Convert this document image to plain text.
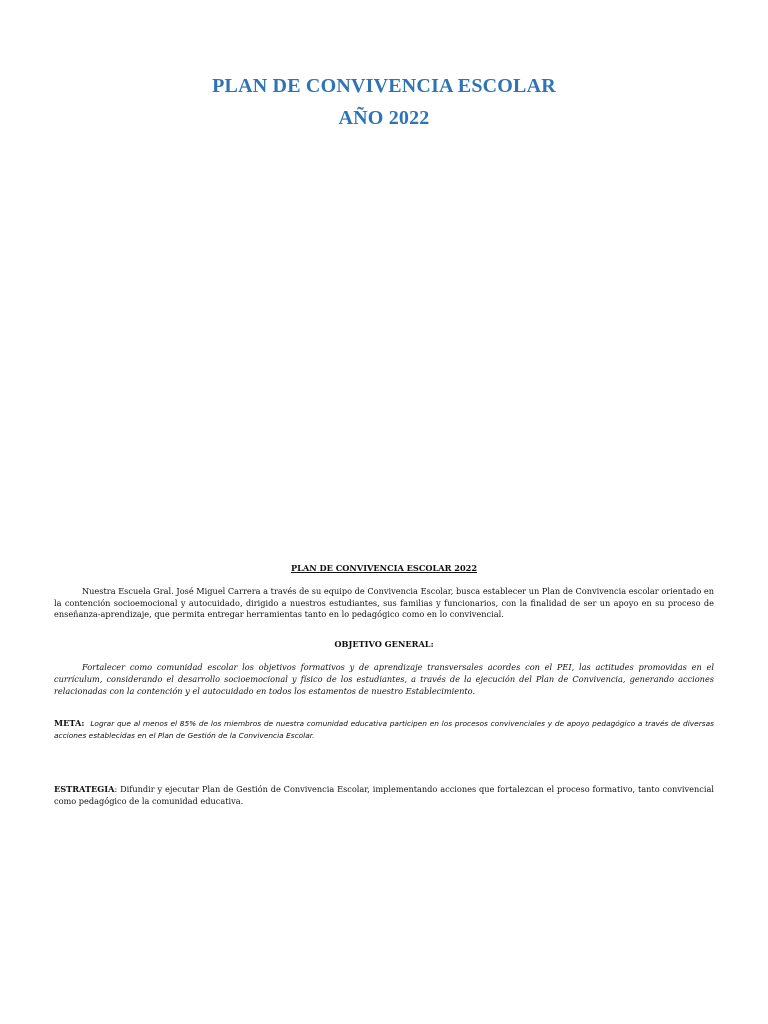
PLAN DE CONVIVENCIA ESCOLAR
AÑO 2022

PLAN DE CONVIVENCIA ESCOLAR 2022

Nuestra Escuela Gral. José Miguel Carrera a través de su equipo de Convivencia Escolar, busca establecer un Plan de Convivencia escolar orientado en la contención socioemocional y autocuidado, dirigido a nuestros estudiantes, sus familias y funcionarios, con la finalidad de ser un apoyo en su proceso de enseñanza-aprendizaje, que permita entregar herramientas tanto en lo pedagógico como en lo convivencial.

OBJETIVO GENERAL:

Fortalecer como comunidad escolar los objetivos formativos y de aprendizaje transversales acordes con el PEI, las actitudes promovidas en el currículum, considerando el desarrollo socioemocional y físico de los estudiantes, a través de la ejecución del Plan de Convivencia, generando acciones relacionadas con la contención y el autocuidado en todos los estamentos de nuestro Establecimiento.

META: Lograr que al menos el 85% de los miembros de nuestra comunidad educativa participen en los procesos convivenciales y de apoyo pedagógico a través de diversas acciones establecidas en el Plan de Gestión de la Convivencia Escolar.

ESTRATEGIA: Difundir y ejecutar Plan de Gestión de Convivencia Escolar, implementando acciones que fortalezcan el proceso formativo, tanto convivencial como pedagógico de la comunidad educativa.
